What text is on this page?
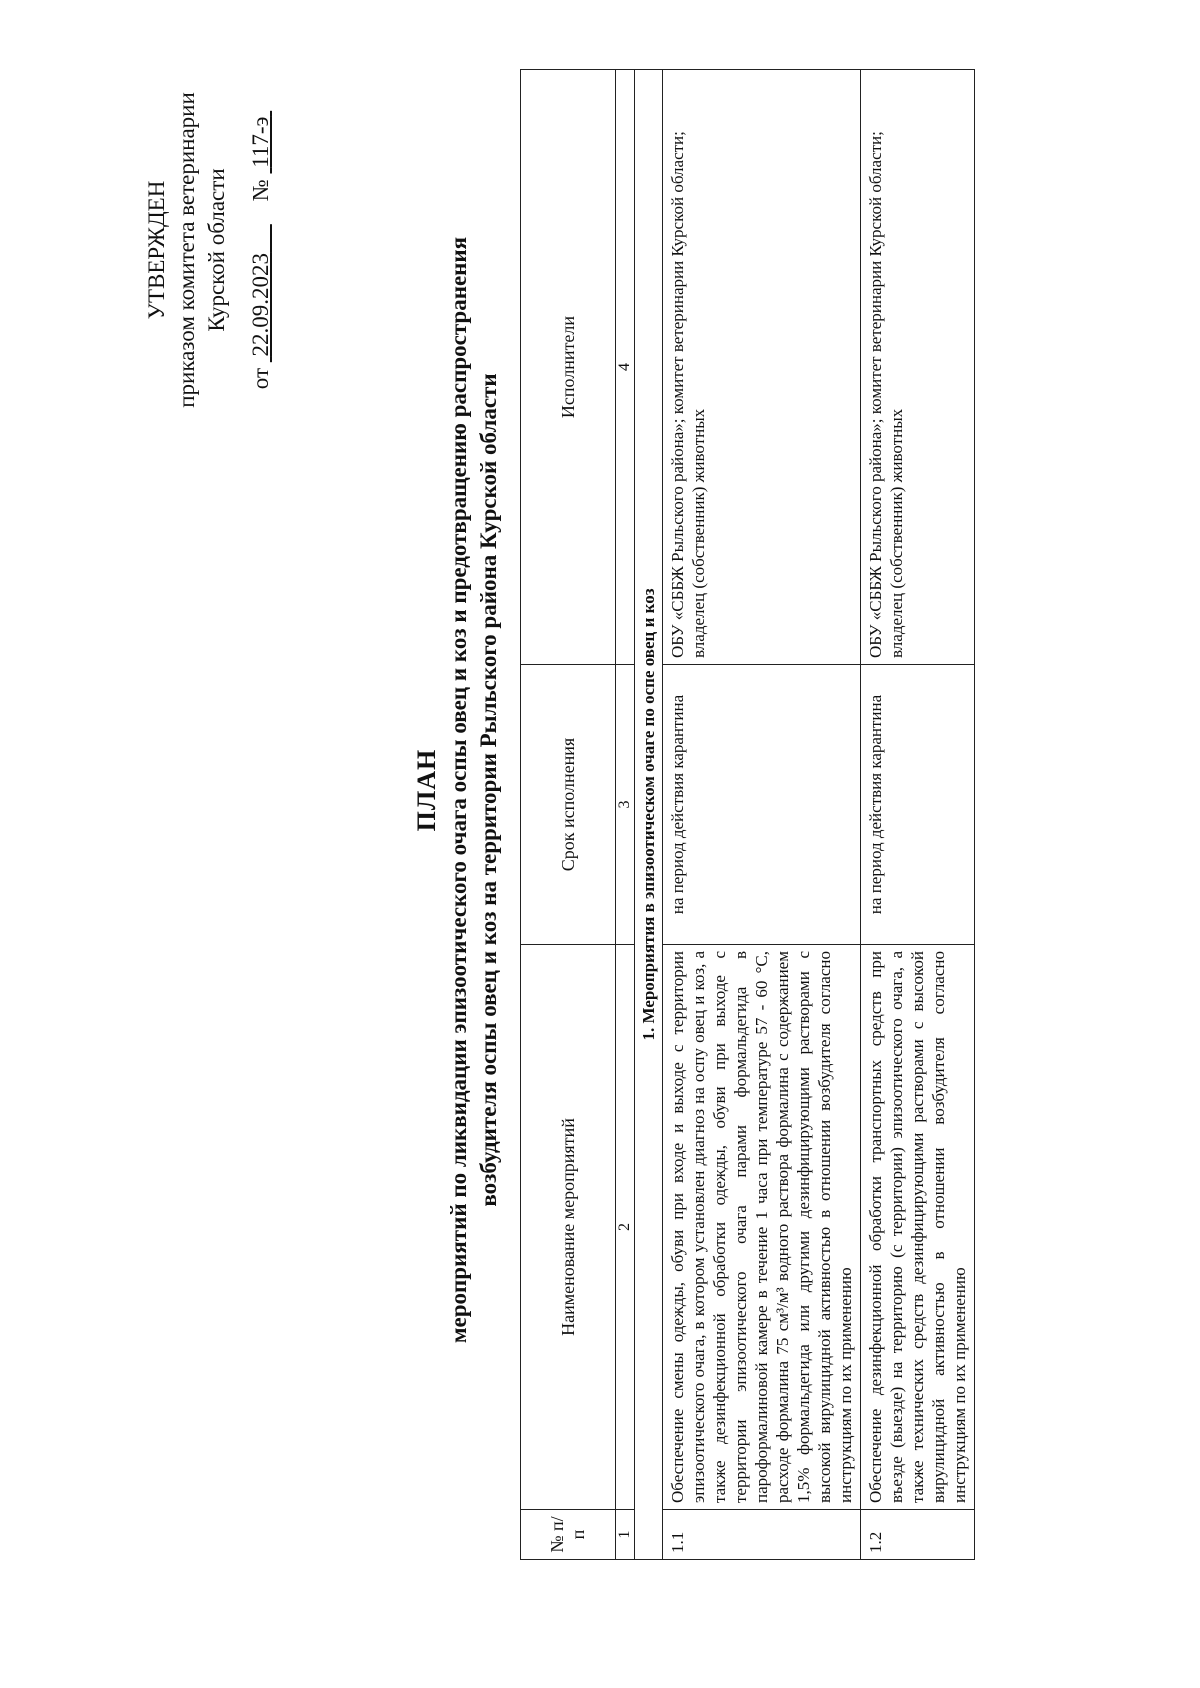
УТВЕРЖДЕН приказом комитета ветеринарии Курской области
от  22.09.2023         №  117-э
ПЛАН мероприятий по ликвидации эпизоотического очага оспы овец и коз и предотвращению распространения возбудителя оспы овец и коз на территории Рыльского района Курской области
№ п/п	Наименование мероприятий	Срок исполнения	Исполнители
1	2	3	4
1. Мероприятия в эпизоотическом очаге по оспе овец и коз			
1.1	Обеспечение смены одежды, обуви при входе и выходе с территории эпизоотического очага, в котором установлен диагноз на оспу овец и коз, а также дезинфекционной обработки одежды, обуви при выходе с территории эпизоотического очага парами формальдегида в пароформалиновой камере в течение 1 часа при температуре 57 - 60 °С, расходе формалина 75 см³/м³ водного раствора формалина с содержанием 1,5% формальдегида или другими дезинфицирующими растворами с высокой вирулицидной активностью в отношении возбудителя согласно инструкциям по их применению	на период действия карантина	ОБУ «СББЖ Рыльского района»; комитет ветеринарии Курской области; владелец (собственник) животных
1.2	Обеспечение дезинфекционной обработки транспортных средств при въезде (выезде) на территорию (с территории) эпизоотического очага, а также технических средств дезинфицирующими растворами с высокой вирулицидной активностью в отношении возбудителя согласно инструкциям по их применению	на период действия карантина	ОБУ «СББЖ Рыльского района»; комитет ветеринарии Курской области; владелец (собственник) животных
